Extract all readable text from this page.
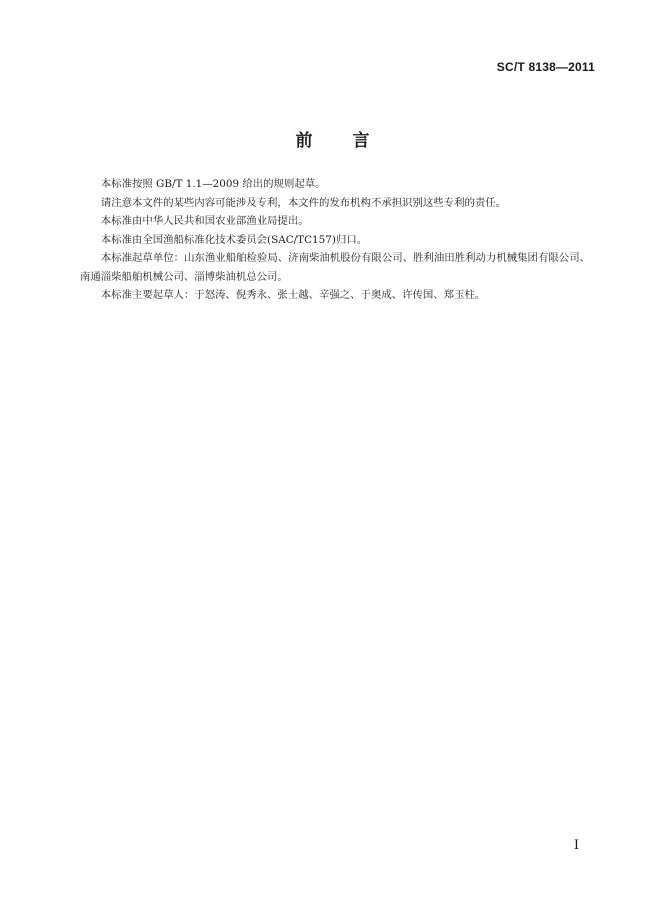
SC/T 8138—2011
前言

本标准按照 GB/T 1.1—2009 给出的规则起草。

请注意本文件的某些内容可能涉及专利，本文件的发布机构不承担识别这些专利的责任。

本标准由中华人民共和国农业部渔业局提出。

本标准由全国渔船标准化技术委员会(SAC/TC157)归口。

本标准起草单位：山东渔业船舶检验局、济南柴油机股份有限公司、胜利油田胜利动力机械集团有限公司、南通淄柴船舶机械公司、淄博柴油机总公司。

本标准主要起草人：于怒涛、倪秀永、张士越、辛强之、于奥成、许传国、郑玉柱。

I
